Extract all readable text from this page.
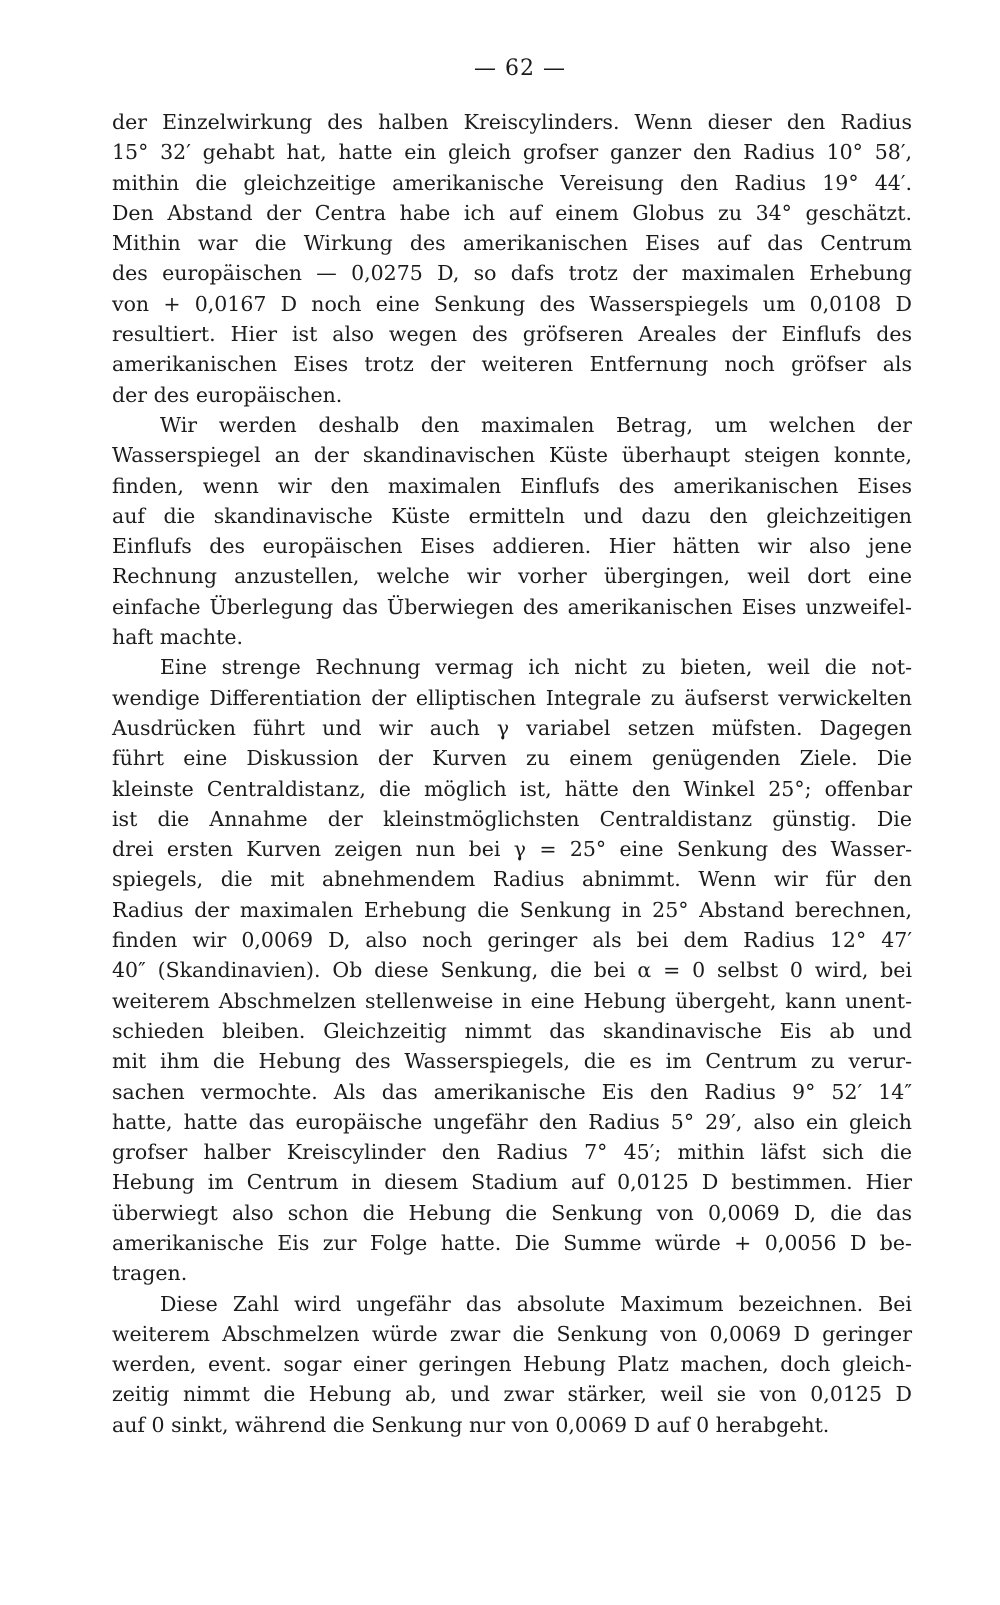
— 62 —
der Einzelwirkung des halben Kreiscylinders. Wenn dieser den Radius
15° 32′ gehabt hat, hatte ein gleich grofser ganzer den Radius 10° 58′,
mithin die gleichzeitige amerikanische Vereisung den Radius 19° 44′.
Den Abstand der Centra habe ich auf einem Globus zu 34° geschätzt.
Mithin war die Wirkung des amerikanischen Eises auf das Centrum
des europäischen — 0,0275 D, so dafs trotz der maximalen Erhebung
von + 0,0167 D noch eine Senkung des Wasserspiegels um 0,0108 D
resultiert. Hier ist also wegen des gröfseren Areales der Einflufs des
amerikanischen Eises trotz der weiteren Entfernung noch gröfser als
der des europäischen.
Wir werden deshalb den maximalen Betrag, um welchen der
Wasserspiegel an der skandinavischen Küste überhaupt steigen konnte,
finden, wenn wir den maximalen Einflufs des amerikanischen Eises
auf die skandinavische Küste ermitteln und dazu den gleichzeitigen
Einflufs des europäischen Eises addieren. Hier hätten wir also jene
Rechnung anzustellen, welche wir vorher übergingen, weil dort eine
einfache Überlegung das Überwiegen des amerikanischen Eises unzweifel-
haft machte.
Eine strenge Rechnung vermag ich nicht zu bieten, weil die not-
wendige Differentiation der elliptischen Integrale zu äufserst verwickelten
Ausdrücken führt und wir auch γ variabel setzen müfsten. Dagegen
führt eine Diskussion der Kurven zu einem genügenden Ziele. Die
kleinste Centraldistanz, die möglich ist, hätte den Winkel 25°; offenbar
ist die Annahme der kleinstmöglichsten Centraldistanz günstig. Die
drei ersten Kurven zeigen nun bei γ = 25° eine Senkung des Wasser-
spiegels, die mit abnehmendem Radius abnimmt. Wenn wir für den
Radius der maximalen Erhebung die Senkung in 25° Abstand berechnen,
finden wir 0,0069 D, also noch geringer als bei dem Radius 12° 47′
40″ (Skandinavien). Ob diese Senkung, die bei α = 0 selbst 0 wird, bei
weiterem Abschmelzen stellenweise in eine Hebung übergeht, kann unent-
schieden bleiben. Gleichzeitig nimmt das skandinavische Eis ab und
mit ihm die Hebung des Wasserspiegels, die es im Centrum zu verur-
sachen vermochte. Als das amerikanische Eis den Radius 9° 52′ 14″
hatte, hatte das europäische ungefähr den Radius 5° 29′, also ein gleich
grofser halber Kreiscylinder den Radius 7° 45′; mithin läfst sich die
Hebung im Centrum in diesem Stadium auf 0,0125 D bestimmen. Hier
überwiegt also schon die Hebung die Senkung von 0,0069 D, die das
amerikanische Eis zur Folge hatte. Die Summe würde + 0,0056 D be-
tragen.
Diese Zahl wird ungefähr das absolute Maximum bezeichnen. Bei
weiterem Abschmelzen würde zwar die Senkung von 0,0069 D geringer
werden, event. sogar einer geringen Hebung Platz machen, doch gleich-
zeitig nimmt die Hebung ab, und zwar stärker, weil sie von 0,0125 D
auf 0 sinkt, während die Senkung nur von 0,0069 D auf 0 herabgeht.
